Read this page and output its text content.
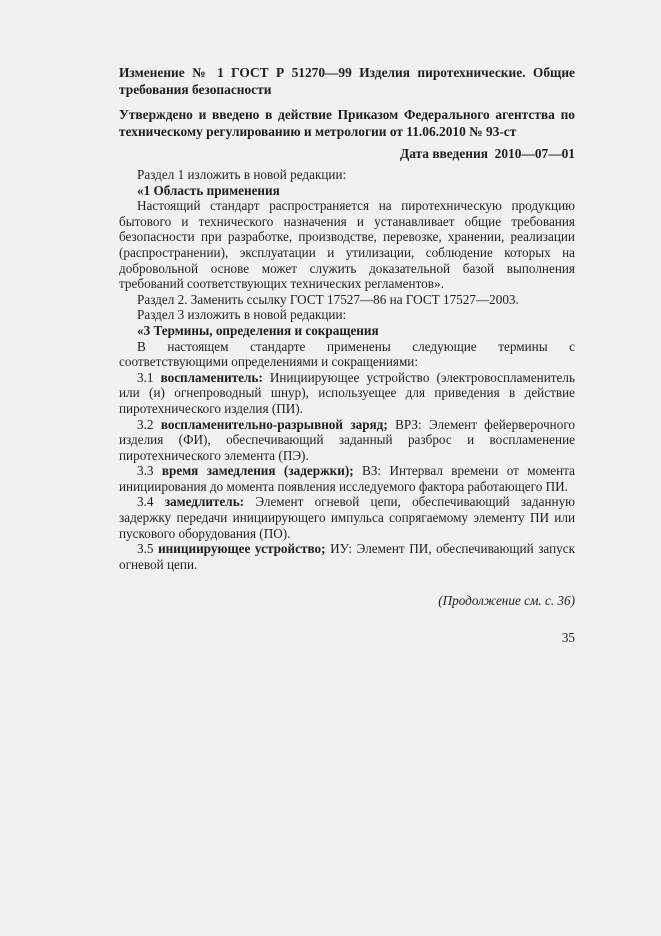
Изменение № 1 ГОСТ Р 51270—99 Изделия пиротехнические. Общие требования безопасности

Утверждено и введено в действие Приказом Федерального агентства по техническому регулированию и метрологии от 11.06.2010 № 93-ст

Дата введения 2010—07—01

Раздел 1 изложить в новой редакции:

«1 Область применения

Настоящий стандарт распространяется на пиротехническую продукцию бытового и технического назначения и устанавливает общие требования безопасности при разработке, производстве, перевозке, хранении, реализации (распространении), эксплуатации и утилизации, соблюдение которых на добровольной основе может служить доказательной базой выполнения требований соответствующих технических регламентов».

Раздел 2. Заменить ссылку ГОСТ 17527—86 на ГОСТ 17527—2003.

Раздел 3 изложить в новой редакции:

«3 Термины, определения и сокращения

В настоящем стандарте применены следующие термины с соответствующими определениями и сокращениями:

3.1 воспламенитель: Инициирующее устройство (электровоспламенитель или (и) огнепроводный шнур), используещее для приведения в действие пиротехнического изделия (ПИ).

3.2 воспламенительно-разрывной заряд; ВРЗ: Элемент фейерверочного изделия (ФИ), обеспечивающий заданный разброс и воспламенение пиротехнического элемента (ПЭ).

3.3 время замедления (задержки); ВЗ: Интервал времени от момента инициирования до момента появления исследуемого фактора работающего ПИ.

3.4 замедлитель: Элемент огневой цепи, обеспечивающий заданную задержку передачи инициирующего импульса сопрягаемому элементу ПИ или пускового оборудования (ПО).

3.5 инициирующее устройство; ИУ: Элемент ПИ, обеспечивающий запуск огневой цепи.

(Продолжение см. с. 36)
35
